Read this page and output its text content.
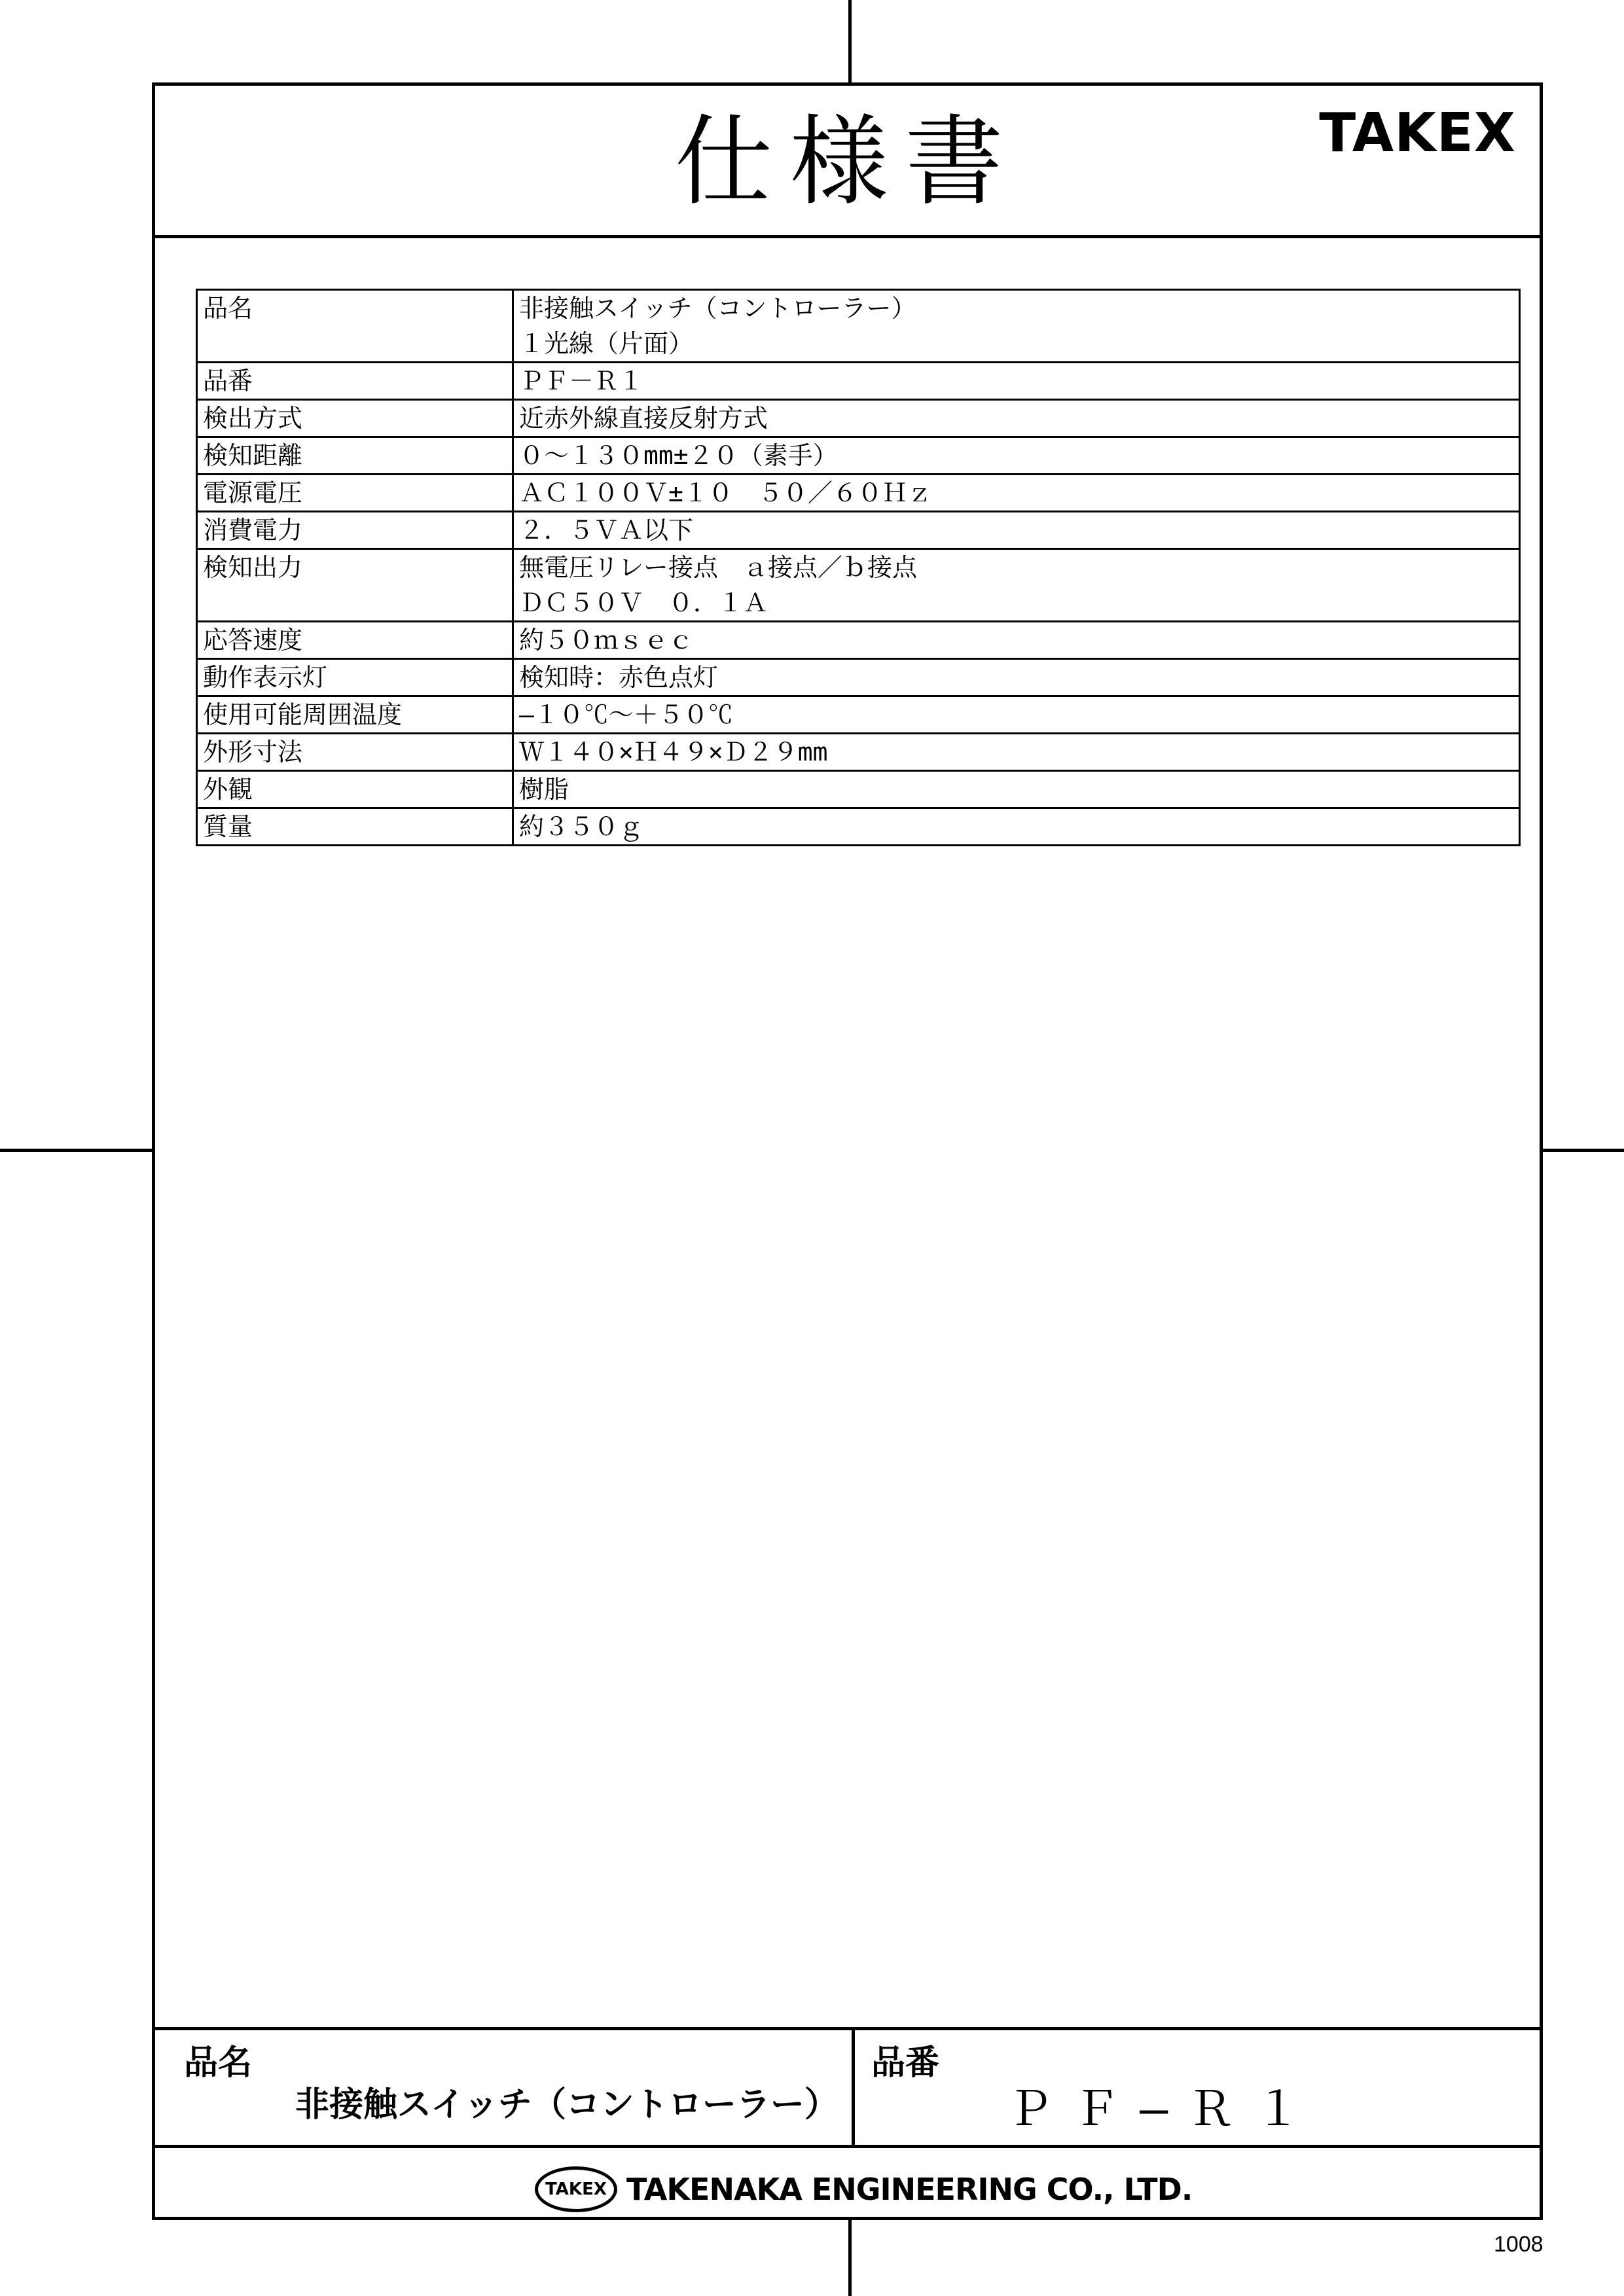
仕様書	TAKEX
品名	非接触スイッチ（コントローラー）
１光線（片面）
品番	ＰＦ－Ｒ１
検出方式	近赤外線直接反射方式
検知距離	０～１３０mm±２０（素手）
電源電圧	ＡＣ１００Ｖ±１０　５０／６０Ｈｚ
消費電力	２．５ＶＡ以下
検知出力	無電圧リレー接点　ａ接点／ｂ接点
ＤＣ５０Ｖ　０．１Ａ
応答速度	約５０ｍｓｅｃ
動作表示灯	検知時：赤色点灯
使用可能周囲温度	―１０℃～＋５０℃
外形寸法	Ｗ１４０×Ｈ４９×Ｄ２９mm
外観	樹脂
質量	約３５０ｇ
品名
非接触スイッチ（コントローラー）
品番
ＰＦ―Ｒ１
TAKEX TAKENAKA ENGINEERING CO., LTD.
1008
